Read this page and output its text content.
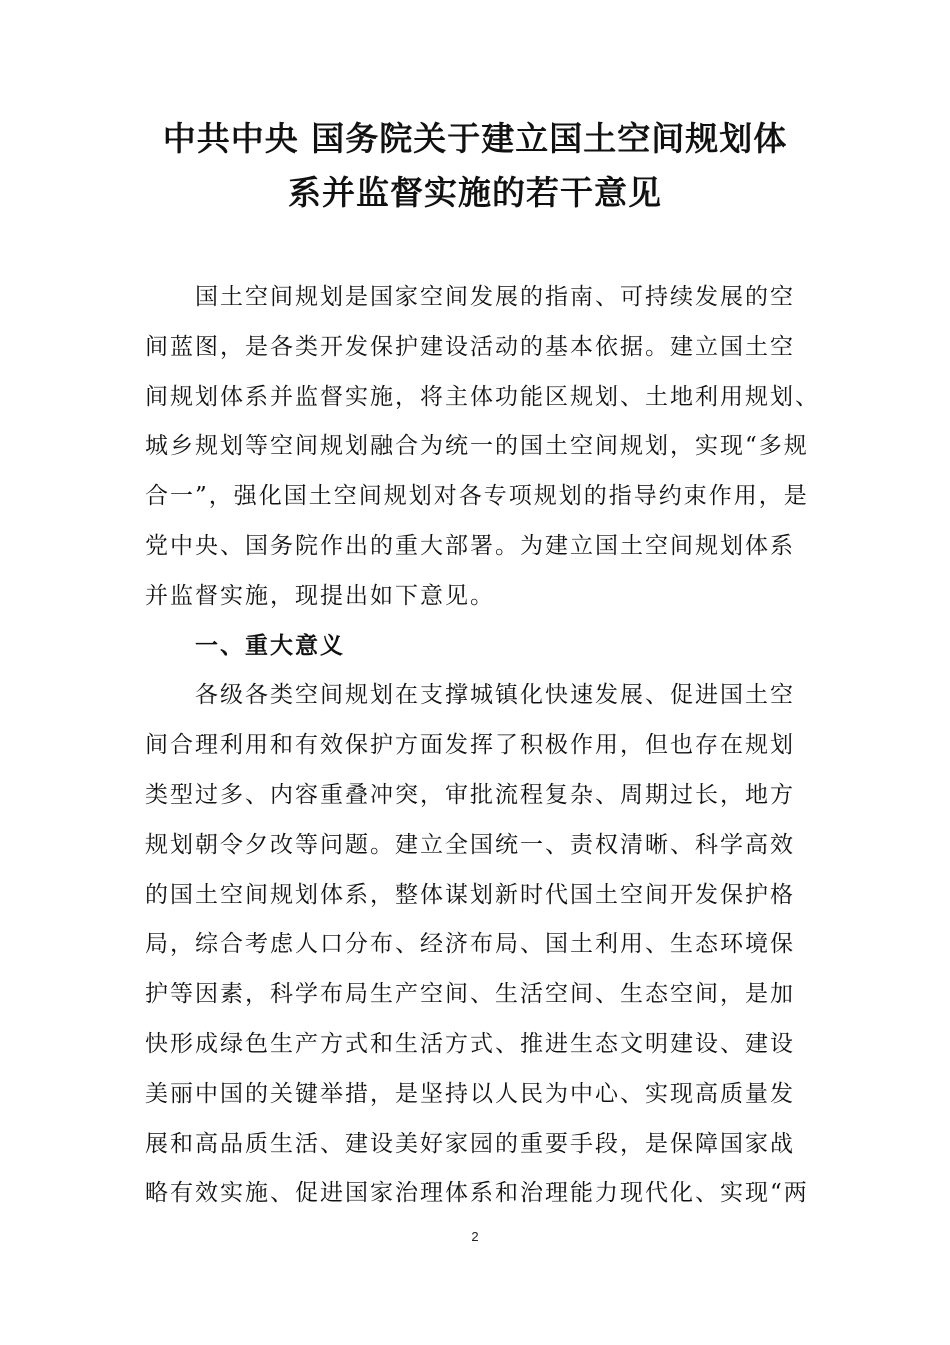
中共中央 国务院关于建立国土空间规划体
系并监督实施的若干意见
国土空间规划是国家空间发展的指南、可持续发展的空
间蓝图，是各类开发保护建设活动的基本依据。建立国土空
间规划体系并监督实施，将主体功能区规划、土地利用规划、
城乡规划等空间规划融合为统一的国土空间规划，实现“多规
合一”，强化国土空间规划对各专项规划的指导约束作用，是
党中央、国务院作出的重大部署。为建立国土空间规划体系
并监督实施，现提出如下意见。
一、重大意义
各级各类空间规划在支撑城镇化快速发展、促进国土空
间合理利用和有效保护方面发挥了积极作用，但也存在规划
类型过多、内容重叠冲突，审批流程复杂、周期过长，地方
规划朝令夕改等问题。建立全国统一、责权清晰、科学高效
的国土空间规划体系，整体谋划新时代国土空间开发保护格
局，综合考虑人口分布、经济布局、国土利用、生态环境保
护等因素，科学布局生产空间、生活空间、生态空间，是加
快形成绿色生产方式和生活方式、推进生态文明建设、建设
美丽中国的关键举措，是坚持以人民为中心、实现高质量发
展和高品质生活、建设美好家园的重要手段，是保障国家战
略有效实施、促进国家治理体系和治理能力现代化、实现“两
2
